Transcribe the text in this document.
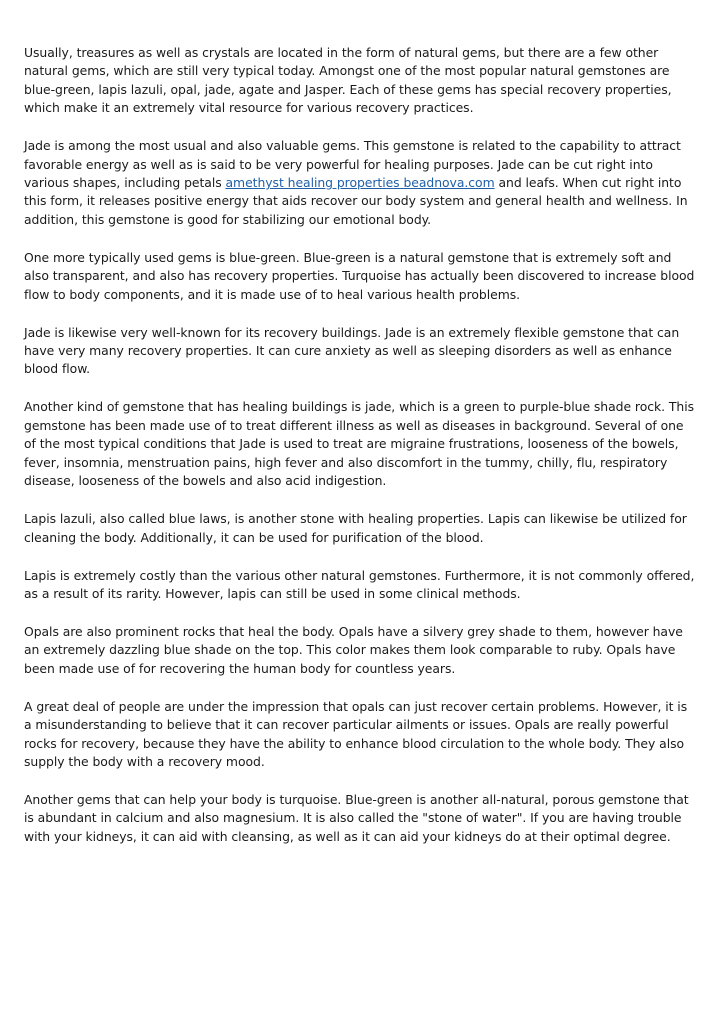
Usually, treasures as well as crystals are located in the form of natural gems, but there are a few other natural gems, which are still very typical today. Amongst one of the most popular natural gemstones are blue-green, lapis lazuli, opal, jade, agate and Jasper. Each of these gems has special recovery properties, which make it an extremely vital resource for various recovery practices.

Jade is among the most usual and also valuable gems. This gemstone is related to the capability to attract favorable energy as well as is said to be very powerful for healing purposes. Jade can be cut right into various shapes, including petals amethyst healing properties beadnova.com and leafs. When cut right into this form, it releases positive energy that aids recover our body system and general health and wellness. In addition, this gemstone is good for stabilizing our emotional body.

One more typically used gems is blue-green. Blue-green is a natural gemstone that is extremely soft and also transparent, and also has recovery properties. Turquoise has actually been discovered to increase blood flow to body components, and it is made use of to heal various health problems.

Jade is likewise very well-known for its recovery buildings. Jade is an extremely flexible gemstone that can have very many recovery properties. It can cure anxiety as well as sleeping disorders as well as enhance blood flow.

Another kind of gemstone that has healing buildings is jade, which is a green to purple-blue shade rock. This gemstone has been made use of to treat different illness as well as diseases in background. Several of one of the most typical conditions that Jade is used to treat are migraine frustrations, looseness of the bowels, fever, insomnia, menstruation pains, high fever and also discomfort in the tummy, chilly, flu, respiratory disease, looseness of the bowels and also acid indigestion.

Lapis lazuli, also called blue laws, is another stone with healing properties. Lapis can likewise be utilized for cleaning the body. Additionally, it can be used for purification of the blood.

Lapis is extremely costly than the various other natural gemstones. Furthermore, it is not commonly offered, as a result of its rarity. However, lapis can still be used in some clinical methods.

Opals are also prominent rocks that heal the body. Opals have a silvery grey shade to them, however have an extremely dazzling blue shade on the top. This color makes them look comparable to ruby. Opals have been made use of for recovering the human body for countless years.

A great deal of people are under the impression that opals can just recover certain problems. However, it is a misunderstanding to believe that it can recover particular ailments or issues. Opals are really powerful rocks for recovery, because they have the ability to enhance blood circulation to the whole body. They also supply the body with a recovery mood.

Another gems that can help your body is turquoise. Blue-green is another all-natural, porous gemstone that is abundant in calcium and also magnesium. It is also called the "stone of water". If you are having trouble with your kidneys, it can aid with cleansing, as well as it can aid your kidneys do at their optimal degree.
